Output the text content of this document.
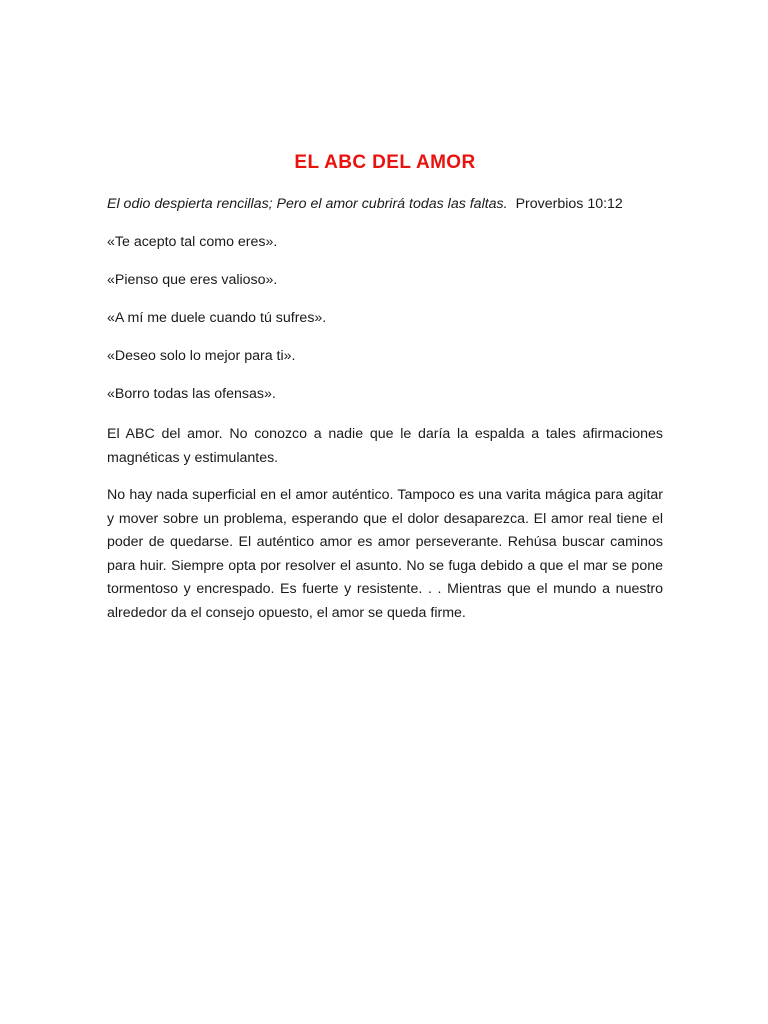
EL ABC DEL AMOR

El odio despierta rencillas; Pero el amor cubrirá todas las faltas. Proverbios 10:12

«Te acepto tal como eres».

«Pienso que eres valioso».

«A mí me duele cuando tú sufres».

«Deseo solo lo mejor para ti».

«Borro todas las ofensas».

El ABC del amor. No conozco a nadie que le daría la espalda a tales afirmaciones magnéticas y estimulantes.

No hay nada superficial en el amor auténtico. Tampoco es una varita mágica para agitar y mover sobre un problema, esperando que el dolor desaparezca. El amor real tiene el poder de quedarse. El auténtico amor es amor perseverante. Rehúsa buscar caminos para huir. Siempre opta por resolver el asunto. No se fuga debido a que el mar se pone tormentoso y encrespado. Es fuerte y resistente. . . Mientras que el mundo a nuestro alrededor da el consejo opuesto, el amor se queda firme.
